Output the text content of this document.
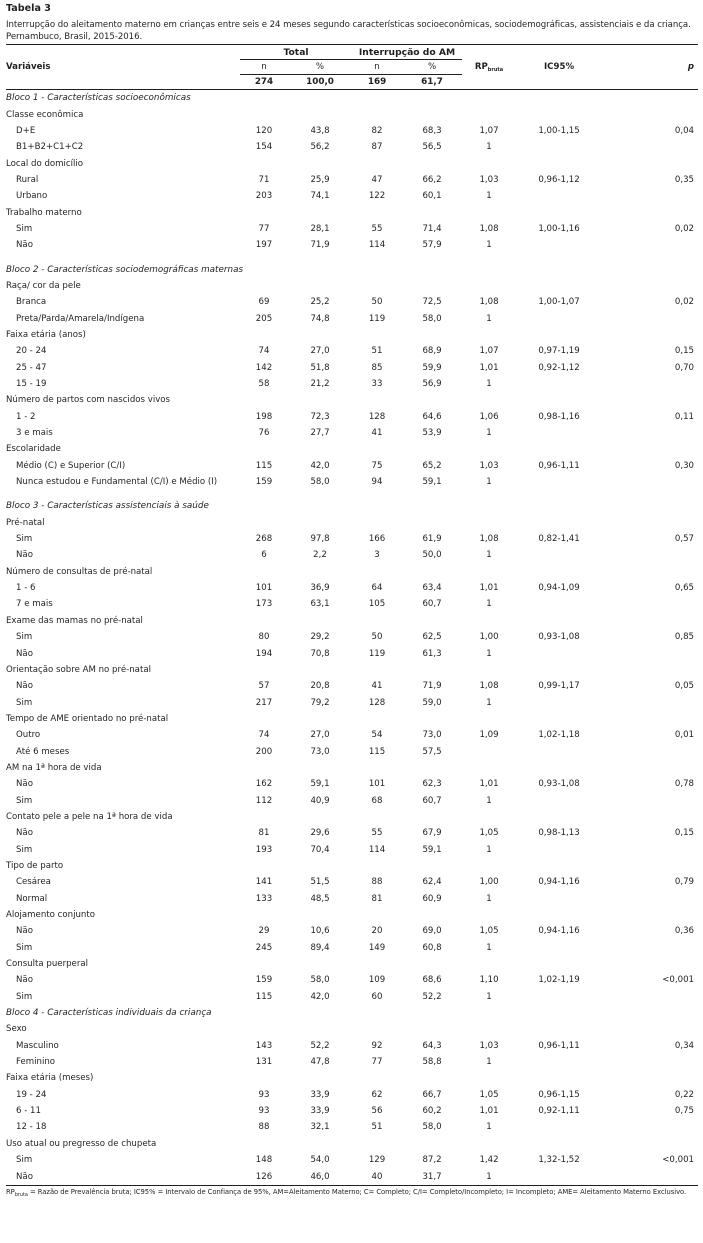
Tabela 3
Interrupção do aleitamento materno em crianças entre seis e 24 meses segundo características socioeconômicas, sociodemográficas, assistenciais e da criança. Pernambuco, Brasil, 2015-2016.
	Total		Interrupção do AM				
Variáveis	n	%	n	%	$RP_{bruta}$	IC95%	p
	274	100,0	169	61,7			
Bloco 1 - Características socioeconômicas							
Classe econômica							
D+E	120	43,8	82	68,3	1,07	1,00-1,15	0,04
B1+B2+C1+C2	154	56,2	87	56,5	1		
Local do domicílio							
Rural	71	25,9	47	66,2	1,03	0,96-1,12	0,35
Urbano	203	74,1	122	60,1	1		
Trabalho materno							
Sim	77	28,1	55	71,4	1,08	1,00-1,16	0,02
Não	197	71,9	114	57,9	1		

Bloco 2 - Características sociodemográficas maternas							
Raça/ cor da pele							
Branca	69	25,2	50	72,5	1,08	1,00-1,07	0,02
Preta/Parda/Amarela/Indígena	205	74,8	119	58,0	1		
Faixa etária (anos)							
20 - 24	74	27,0	51	68,9	1,07	0,97-1,19	0,15
25 - 47	142	51,8	85	59,9	1,01	0,92-1,12	0,70
15 - 19	58	21,2	33	56,9	1		
Número de partos com nascidos vivos							
1 - 2	198	72,3	128	64,6	1,06	0,98-1,16	0,11
3 e mais	76	27,7	41	53,9	1		
Escolaridade							
Médio (C) e Superior (C/I)	115	42,0	75	65,2	1,03	0,96-1,11	0,30
Nunca estudou e Fundamental (C/I) e Médio (I)	159	58,0	94	59,1	1		

Bloco 3 - Características assistenciais à saúde							
Pré-natal							
Sim	268	97,8	166	61,9	1,08	0,82-1,41	0,57
Não	6	2,2	3	50,0	1		
Número de consultas de pré-natal							
1 - 6	101	36,9	64	63,4	1,01	0,94-1,09	0,65
7 e mais	173	63,1	105	60,7	1		
Exame das mamas no pré-natal							
Sim	80	29,2	50	62,5	1,00	0,93-1,08	0,85
Não	194	70,8	119	61,3	1		
Orientação sobre AM no pré-natal							
Não	57	20,8	41	71,9	1,08	0,99-1,17	0,05
Sim	217	79,2	128	59,0	1		
Tempo de AME orientado no pré-natal							
Outro	74	27,0	54	73,0	1,09	1,02-1,18	0,01
Até 6 meses	200	73,0	115	57,5			
AM na 1ª hora de vida							
Não	162	59,1	101	62,3	1,01	0,93-1,08	0,78
Sim	112	40,9	68	60,7	1		
Contato pele a pele na 1ª hora de vida							
Não	81	29,6	55	67,9	1,05	0,98-1,13	0,15
Sim	193	70,4	114	59,1	1		
Tipo de parto							
Cesárea	141	51,5	88	62,4	1,00	0,94-1,16	0,79
Normal	133	48,5	81	60,9	1		
Alojamento conjunto							
Não	29	10,6	20	69,0	1,05	0,94-1,16	0,36
Sim	245	89,4	149	60,8	1		
Consulta puerperal							
Não	159	58,0	109	68,6	1,10	1,02-1,19	<0,001
Sim	115	42,0	60	52,2	1		
Bloco 4 - Características individuais da criança							
Sexo							
Masculino	143	52,2	92	64,3	1,03	0,96-1,11	0,34
Feminino	131	47,8	77	58,8	1		
Faixa etária (meses)							
19 - 24	93	33,9	62	66,7	1,05	0,96-1,15	0,22
6 - 11	93	33,9	56	60,2	1,01	0,92-1,11	0,75
12 - 18	88	32,1	51	58,0	1		
Uso atual ou pregresso de chupeta							
Sim	148	54,0	129	87,2	1,42	1,32-1,52	<0,001
Não	126	46,0	40	31,7	1		
$RP_{bruta}$ = Razão de Prevalência bruta; IC95% = Intervalo de Confiança de 95%, AM=Aleitamento Materno; C= Completo; C/I= Completo/Incompleto; I= Incompleto; AME= Aleitamento Materno Exclusivo.
